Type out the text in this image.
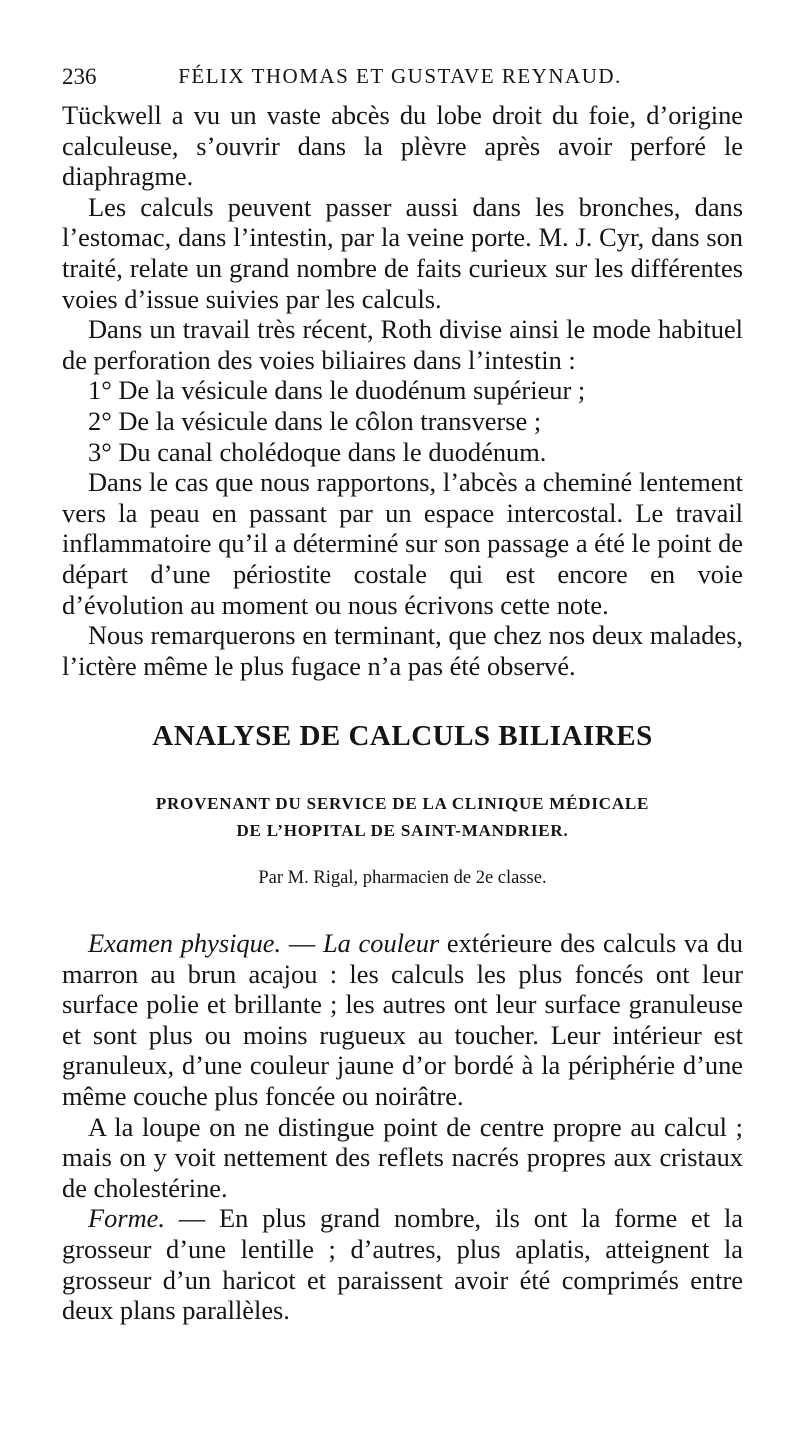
236	FÉLIX THOMAS ET GUSTAVE REYNAUD.

Tückwell a vu un vaste abcès du lobe droit du foie, d’origine calculeuse, s’ouvrir dans la plèvre après avoir perforé le diaphragme.

Les calculs peuvent passer aussi dans les bronches, dans l’estomac, dans l’intestin, par la veine porte. M. J. Cyr, dans son traité, relate un grand nombre de faits curieux sur les différentes voies d’issue suivies par les calculs.

Dans un travail très récent, Roth divise ainsi le mode habituel de perforation des voies biliaires dans l’intestin :

1° De la vésicule dans le duodénum supérieur ;

2° De la vésicule dans le côlon transverse ;

3° Du canal cholédoque dans le duodénum.

Dans le cas que nous rapportons, l’abcès a cheminé lentement vers la peau en passant par un espace intercostal. Le travail inflammatoire qu’il a déterminé sur son passage a été le point de départ d’une périostite costale qui est encore en voie d’évolution au moment ou nous écrivons cette note.

Nous remarquerons en terminant, que chez nos deux malades, l’ictère même le plus fugace n’a pas été observé.

ANALYSE DE CALCULS BILIAIRES
PROVENANT DU SERVICE DE LA CLINIQUE MÉDICALE
DE L’HOPITAL DE SAINT-MANDRIER.
Par M. Rigal, pharmacien de 2e classe.

Examen physique. — La couleur extérieure des calculs va du marron au brun acajou : les calculs les plus foncés ont leur surface polie et brillante ; les autres ont leur surface granuleuse et sont plus ou moins rugueux au toucher. Leur intérieur est granuleux, d’une couleur jaune d’or bordé à la périphérie d’une même couche plus foncée ou noirâtre.

A la loupe on ne distingue point de centre propre au calcul ; mais on y voit nettement des reflets nacrés propres aux cristaux de cholestérine.

Forme. — En plus grand nombre, ils ont la forme et la grosseur d’une lentille ; d’autres, plus aplatis, atteignent la grosseur d’un haricot et paraissent avoir été comprimés entre deux plans parallèles.
